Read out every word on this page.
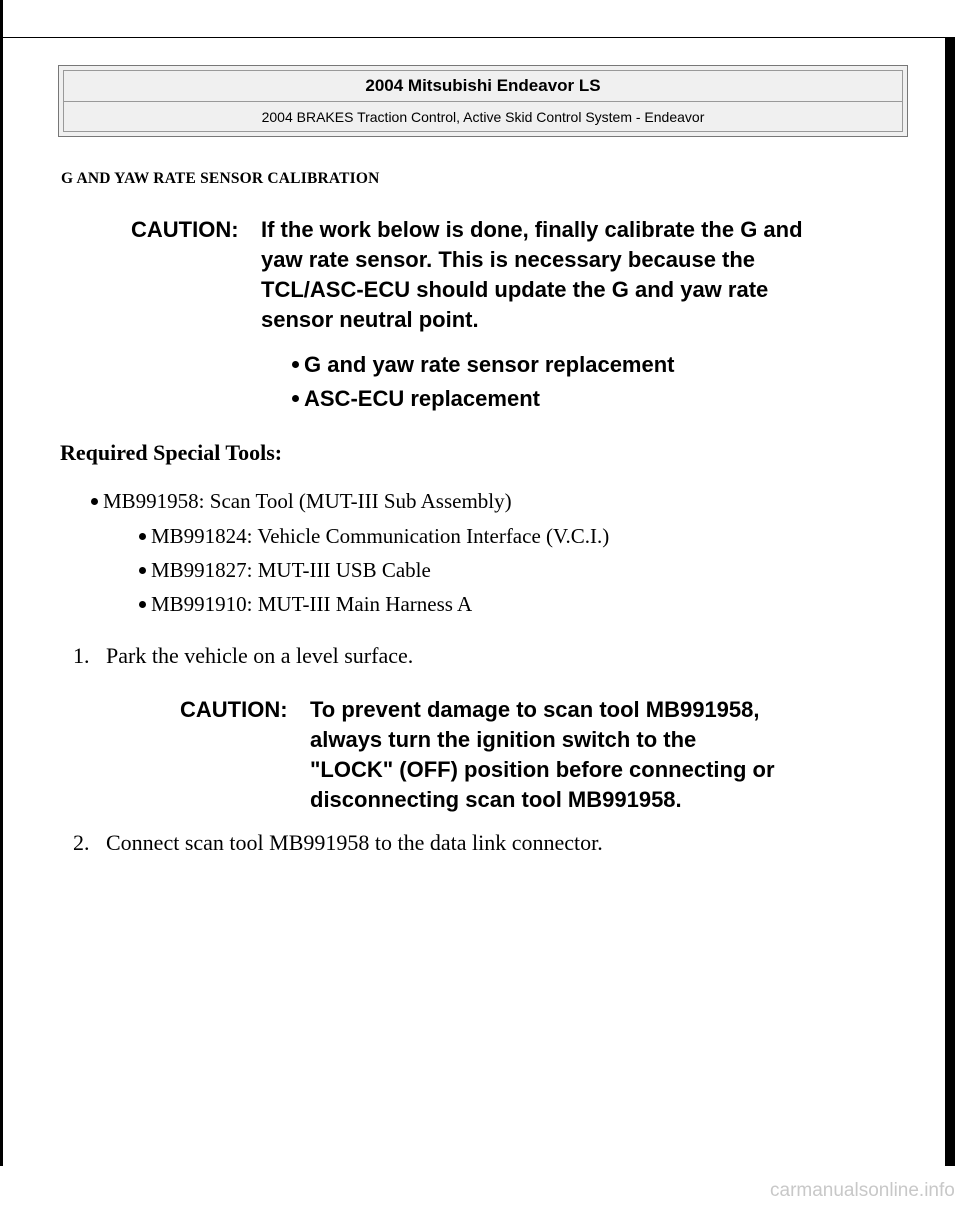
2004 Mitsubishi Endeavor LS
2004 BRAKES Traction Control, Active Skid Control System - Endeavor
G AND YAW RATE SENSOR CALIBRATION
CAUTION: If the work below is done, finally calibrate the G and
yaw rate sensor. This is necessary because the
TCL/ASC-ECU should update the G and yaw rate
sensor neutral point.
G and yaw rate sensor replacement
ASC-ECU replacement
Required Special Tools:
MB991958: Scan Tool (MUT-III Sub Assembly)
MB991824: Vehicle Communication Interface (V.C.I.)
MB991827: MUT-III USB Cable
MB991910: MUT-III Main Harness A
1. Park the vehicle on a level surface.
CAUTION: To prevent damage to scan tool MB991958,
always turn the ignition switch to the
"LOCK" (OFF) position before connecting or
disconnecting scan tool MB991958.
2. Connect scan tool MB991958 to the data link connector.
carmanualsonline.info
